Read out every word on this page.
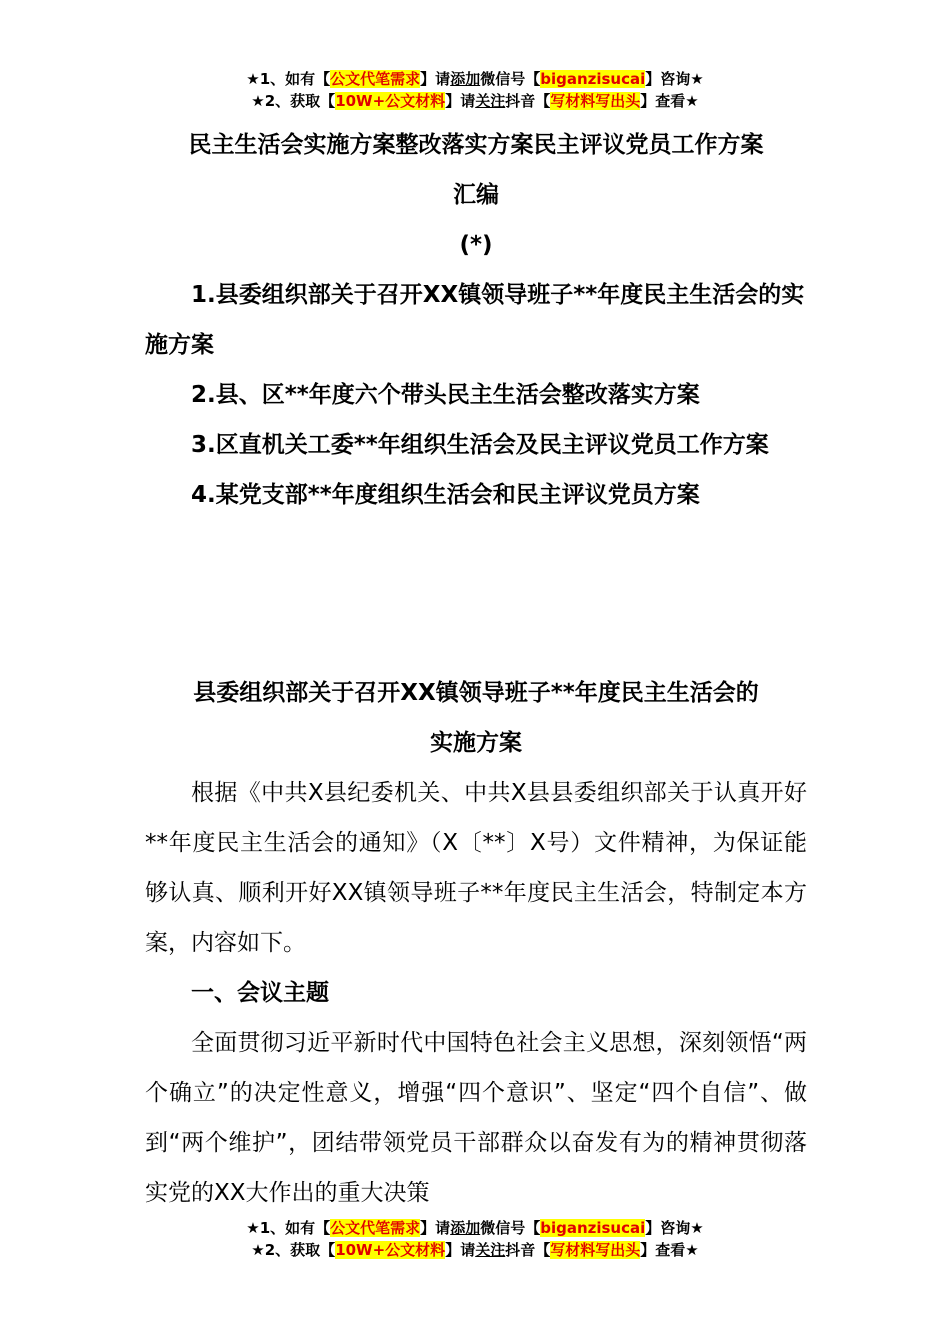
★1、如有【公文代笔需求】请添加微信号【biganzisucai】咨询★
★2、获取【10W+公文材料】请关注抖音【写材料写出头】查看★
民主生活会实施方案整改落实方案民主评议党员工作方案
汇编
(*)
1.县委组织部关于召开XX镇领导班子**年度民主生活会的实施方案
2.县、区**年度六个带头民主生活会整改落实方案
3.区直机关工委**年组织生活会及民主评议党员工作方案
4.某党支部**年度组织生活会和民主评议党员方案
县委组织部关于召开XX镇领导班子**年度民主生活会的
实施方案

根据《中共X县纪委机关、中共X县县委组织部关于认真开好**年度民主生活会的通知》（X〔**〕X号）文件精神，为保证能够认真、顺利开好XX镇领导班子**年度民主生活会，特制定本方案，内容如下。

一、会议主题

全面贯彻习近平新时代中国特色社会主义思想，深刻领悟“两个确立”的决定性意义，增强“四个意识”、坚定“四个自信”、做到“两个维护”，团结带领党员干部群众以奋发有为的精神贯彻落实党的XX大作出的重大决策

★1、如有【公文代笔需求】请添加微信号【biganzisucai】咨询★
★2、获取【10W+公文材料】请关注抖音【写材料写出头】查看★
